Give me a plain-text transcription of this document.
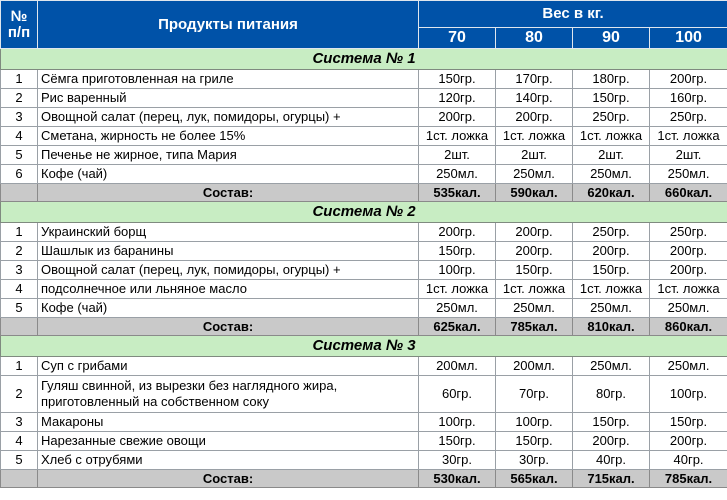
№
п/п	Продукты питания	Вес в кг.			
		70	80	90	100
Система № 1					
1	Сёмга приготовленная на гриле	150гр.	170гр.	180гр.	200гр.
2	Рис варенный	120гр.	140гр.	150гр.	160гр.
3	Овощной салат (перец, лук, помидоры, огурцы) +	200гр.	200гр.	250гр.	250гр.
4	Сметана, жирность не более 15%	1ст. ложка	1ст. ложка	1ст. ложка	1ст. ложка
5	Печенье не жирное, типа Мария	2шт.	2шт.	2шт.	2шт.
6	Кофе (чай)	250мл.	250мл.	250мл.	250мл.
	Состав:	535кал.	590кал.	620кал.	660кал.
Система № 2					
1	Украинский борщ	200гр.	200гр.	250гр.	250гр.
2	Шашлык из баранины	150гр.	200гр.	200гр.	200гр.
3	Овощной салат (перец, лук, помидоры, огурцы) +	100гр.	150гр.	150гр.	200гр.
4	подсолнечное или льняное масло	1ст. ложка	1ст. ложка	1ст. ложка	1ст. ложка
5	Кофе (чай)	250мл.	250мл.	250мл.	250мл.
	Состав:	625кал.	785кал.	810кал.	860кал.
Система № 3					
1	Суп с грибами	200мл.	200мл.	250мл.	250мл.
2	Гуляш свинной, из вырезки без наглядного жира, приготовленный на собственном соку	60гр.	70гр.	80гр.	100гр.
3	Макароны	100гр.	100гр.	150гр.	150гр.
4	Нарезанные свежие овощи	150гр.	150гр.	200гр.	200гр.
5	Хлеб с отрубями	30гр.	30гр.	40гр.	40гр.
	Состав:	530кал.	565кал.	715кал.	785кал.
